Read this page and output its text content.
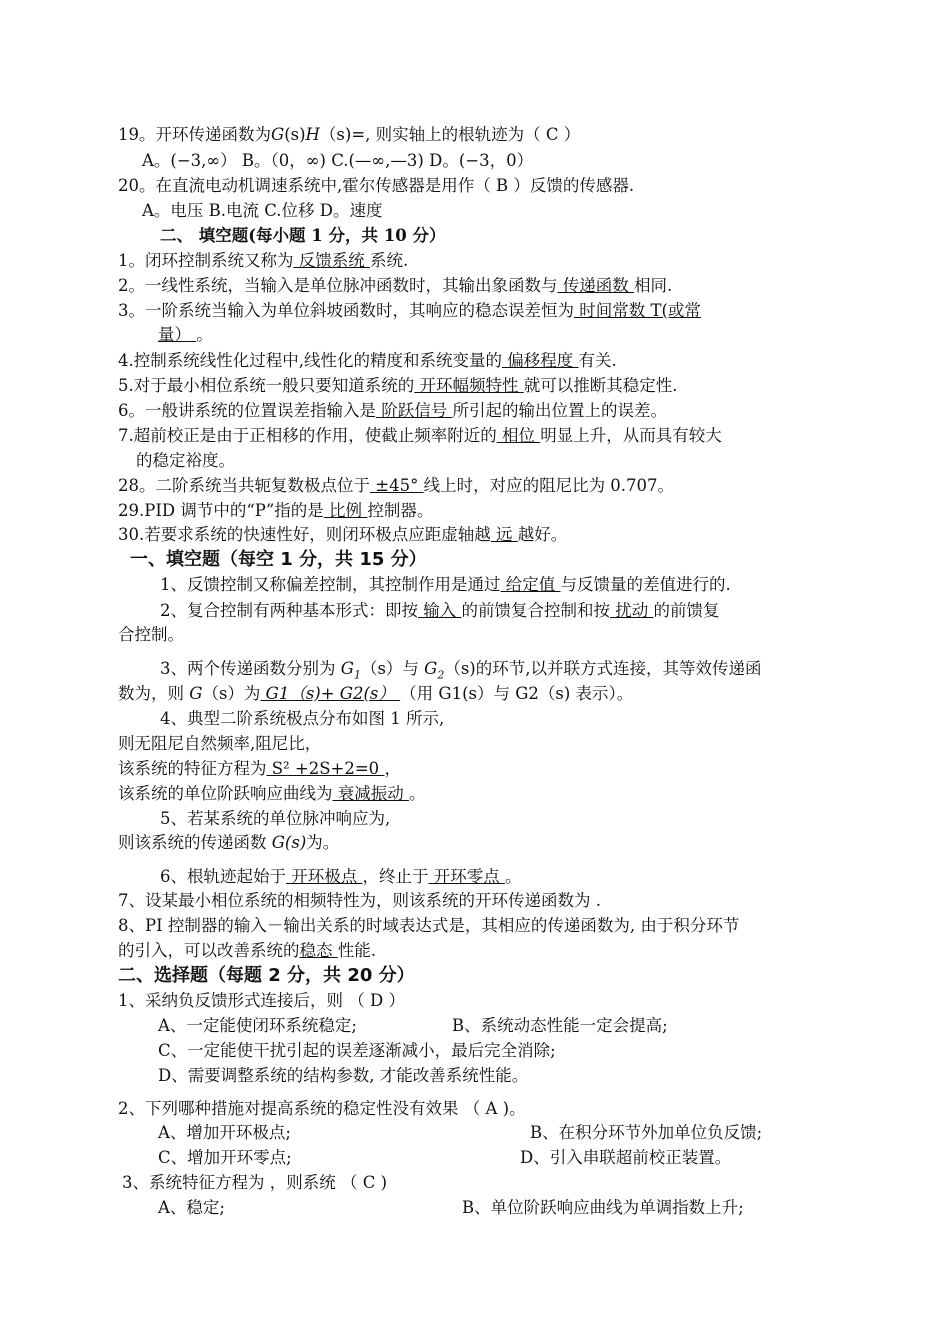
19。开环传递函数为G(s)H（s)=, 则实轴上的根轨迹为（ C ）
A。(−3,∞） B。（0，∞) C.(—∞,—3) D。(−3，0）
20。在直流电动机调速系统中,霍尔传感器是用作（ B ）反馈的传感器.
A。电压 B.电流 C.位移 D。速度
二、 填空题(每小题 1 分，共 10 分）
1。闭环控制系统又称为 反馈系统 系统.
2。一线性系统，当输入是单位脉冲函数时，其输出象函数与 传递函数 相同.
3。一阶系统当输入为单位斜坡函数时，其响应的稳态误差恒为 时间常数 T(或常
量） 。
4.控制系统线性化过程中,线性化的精度和系统变量的 偏移程度 有关.
5.对于最小相位系统一般只要知道系统的 开环幅频特性 就可以推断其稳定性.
6。一般讲系统的位置误差指输入是 阶跃信号 所引起的输出位置上的误差。
7.超前校正是由于正相移的作用，使截止频率附近的 相位 明显上升，从而具有较大
的稳定裕度。
28。二阶系统当共轭复数极点位于 ±45° 线上时，对应的阻尼比为 0.707。
29.PID 调节中的“P”指的是 比例 控制器。
30.若要求系统的快速性好，则闭环极点应距虚轴越 远 越好。
一、填空题（每空 1 分，共 15 分）
1、反馈控制又称偏差控制，其控制作用是通过 给定值 与反馈量的差值进行的.
2、复合控制有两种基本形式：即按 输入 的前馈复合控制和按 扰动 的前馈复
合控制。
3、两个传递函数分别为 $G_1(s)$与 $G_2(s)$的环节,以并联方式连接，其等效传递函
数为，则 G（s）为 G1（s)+ G2(s） （用 G1(s）与 G2（s) 表示）。
4、典型二阶系统极点分布如图 1 所示,
则无阻尼自然频率,阻尼比，
该系统的特征方程为 S² +2S+2=0 ，
该系统的单位阶跃响应曲线为 衰减振动 。
5、若某系统的单位脉冲响应为,
则该系统的传递函数 G(s)为。
6、根轨迹起始于 开环极点 ，终止于 开环零点 。
7、设某最小相位系统的相频特性为，则该系统的开环传递函数为 .
8、PI 控制器的输入－输出关系的时域表达式是，其相应的传递函数为, 由于积分环节
的引入，可以改善系统的稳态 性能.
二、选择题（每题 2 分，共 20 分）
1、采纳负反馈形式连接后，则 （ D ）
A、一定能使闭环系统稳定;	B、系统动态性能一定会提高;
C、一定能使干扰引起的误差逐渐减小，最后完全消除;
D、需要调整系统的结构参数, 才能改善系统性能。
2、下列哪种措施对提高系统的稳定性没有效果 （ A )。
A、增加开环极点;	B、在积分环节外加单位负反馈;
C、增加开环零点;	D、引入串联超前校正装置。
3、系统特征方程为 ，则系统 （ C )
A、稳定;	B、单位阶跃响应曲线为单调指数上升;
